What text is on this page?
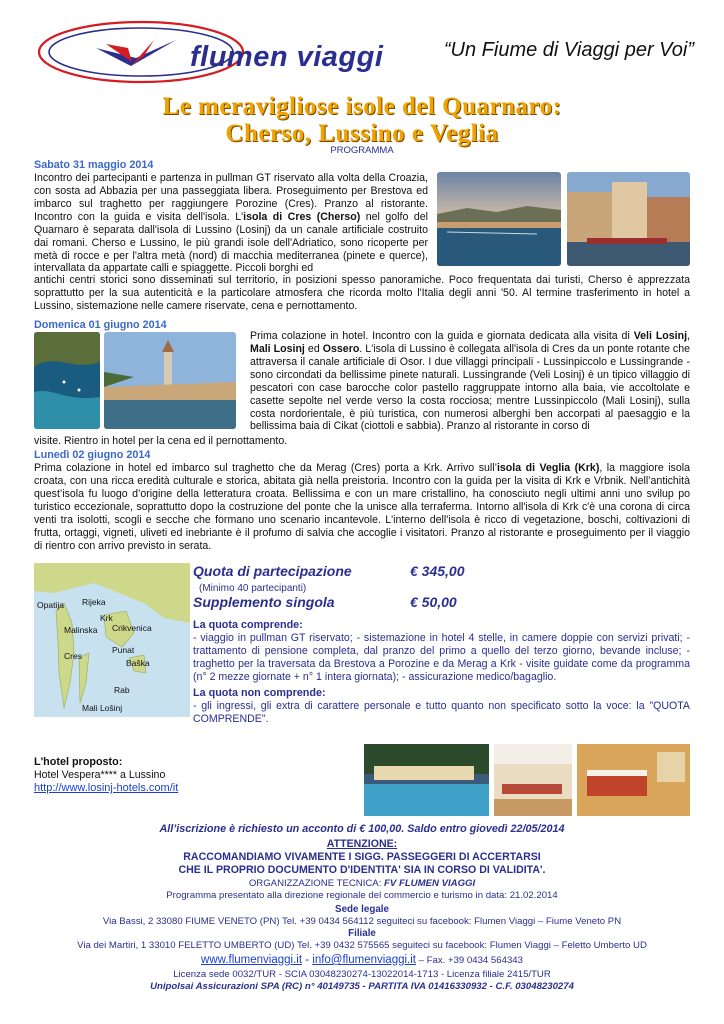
flumen viaggi	“Un Fiume di Viaggi per Voi”
Le meravigliose isole del Quarnaro:
Cherso, Lussino e Veglia
PROGRAMMA
Sabato 31 maggio 2014
Incontro dei partecipanti e partenza in pullman GT riservato alla volta della Croazia, con sosta ad Abbazia per una passeggiata libera. Proseguimento per Brestova ed imbarco sul traghetto per raggiungere Porozine (Cres). Pranzo al ristorante. Incontro con la guida e visita dell'isola. L'isola di Cres (Cherso) nel golfo del Quarnaro è separata dall'isola di Lussino (Losinj) da un canale artificiale costruito dai romani. Cherso e Lussino, le più grandi isole dell'Adriatico, sono ricoperte per metà di rocce e per l'altra metà (nord) di macchia mediterranea (pinete e querce), intervallata da appartate calli e spiaggette. Piccoli borghi ed
antichi centri storici sono disseminati sul territorio, in posizioni spesso panoramiche. Poco frequentata dai turisti, Cherso è apprezzata soprattutto per la sua autenticità e la particolare atmosfera che ricorda molto l'Italia degli anni '50. Al termine trasferimento in hotel a Lussino, sistemazione nelle camere riservate, cena e pernottamento.
Domenica 01 giugno 2014
Prima colazione in hotel. Incontro con la guida e giornata dedicata alla visita di Veli Losinj, Mali Losinj ed Ossero. L'isola di Lussino è collegata all'isola di Cres da un ponte rotante che attraversa il canale artificiale di Osor. I due villaggi principali - Lussinpiccolo e Lussingrande - sono circondati da bellissime pinete naturali. Lussingrande (Veli Losinj) è un tipico villaggio di pescatori con case barocche color pastello raggruppate intorno alla baia, vie accoltolate e casette sepolte nel verde verso la costa rocciosa; mentre Lussinpiccolo (Mali Losinj), sulla costa nordorientale, è più turistica, con numerosi alberghi ben accorpati al paesaggio e la bellissima baia di Cikat (ciottoli e sabbia). Pranzo al ristorante in corso di
visite. Rientro in hotel per la cena ed il pernottamento.
Lunedì 02 giugno 2014
Prima colazione in hotel ed imbarco sul traghetto che da Merag (Cres) porta a Krk. Arrivo sull’isola di Veglia (Krk), la maggiore isola croata, con una ricca eredità culturale e storica, abitata già nella preistoria. Incontro con la guida per la visita di Krk e Vrbnik. Nell’antichità quest’isola fu luogo d’origine della letteratura croata. Bellissima e con un mare cristallino, ha conosciuto negli ultimi anni uno svilup po turistico eccezionale, soprattutto dopo la costruzione del ponte che la unisce alla terraferma. Intorno all'isola di Krk c'è una corona di circa venti tra isolotti, scogli e secche che formano uno scenario incantevole. L'interno dell'isola è ricco di vegetazione, boschi, coltivazioni di frutta, ortaggi, vigneti, uliveti ed inebriante è il profumo di salvia che accoglie i visitatori. Pranzo al ristorante e proseguimento per il viaggio di rientro con arrivo previsto in serata.
Opatija Rijeka
Krk
Crikvenica
Malinska
Cres
Punat
Baška
Rab
Mali Lošinj
Quota di partecipazione	€ 345,00
(Minimo 40 partecipanti)
Supplemento singola	€ 50,00
La quota comprende:
- viaggio in pullman GT riservato; - sistemazione in hotel 4 stelle, in camere doppie con servizi privati; - trattamento di pensione completa, dal pranzo del primo a quello del terzo giorno, bevande incluse; - traghetto per la traversata da Brestova a Porozine e da Merag a Krk - visite guidate come da programma (n° 2 mezze giornate + n° 1 intera giornata); - assicurazione medico/bagaglio.
La quota non comprende:
- gli ingressi, gli extra di carattere personale e tutto quanto non specificato sotto la voce: la "QUOTA COMPRENDE".
L'hotel proposto:
Hotel Vespera**** a Lussino
http://www.losinj-hotels.com/it
All’iscrizione è richiesto un acconto di € 100,00. Saldo entro giovedì 22/05/2014
ATTENZIONE:
RACCOMANDIAMO VIVAMENTE I SIGG. PASSEGGERI DI ACCERTARSI
CHE IL PROPRIO DOCUMENTO D'IDENTITA' SIA IN CORSO DI VALIDITA'.
ORGANIZZAZIONE TECNICA: FV FLUMEN VIAGGI
Programma presentato alla direzione regionale del commercio e turismo in data: 21.02.2014
Sede legale
Via Bassi, 2 33080 FIUME VENETO (PN) Tel. +39 0434 564112 seguiteci su facebook: Flumen Viaggi – Fiume Veneto PN
Filiale
Via dei Martiri, 1 33010 FELETTO UMBERTO (UD) Tel. +39 0432 575565 seguiteci su facebook: Flumen Viaggi – Feletto Umberto UD
www.flumenviaggi.it - info@flumenviaggi.it – Fax. +39 0434 564343
Licenza sede 0032/TUR - SCIA 03048230274-13022014-1713 - Licenza filiale 2415/TUR
Unipolsai Assicurazioni SPA (RC) n° 40149735 - PARTITA IVA 01416330932 - C.F. 03048230274
